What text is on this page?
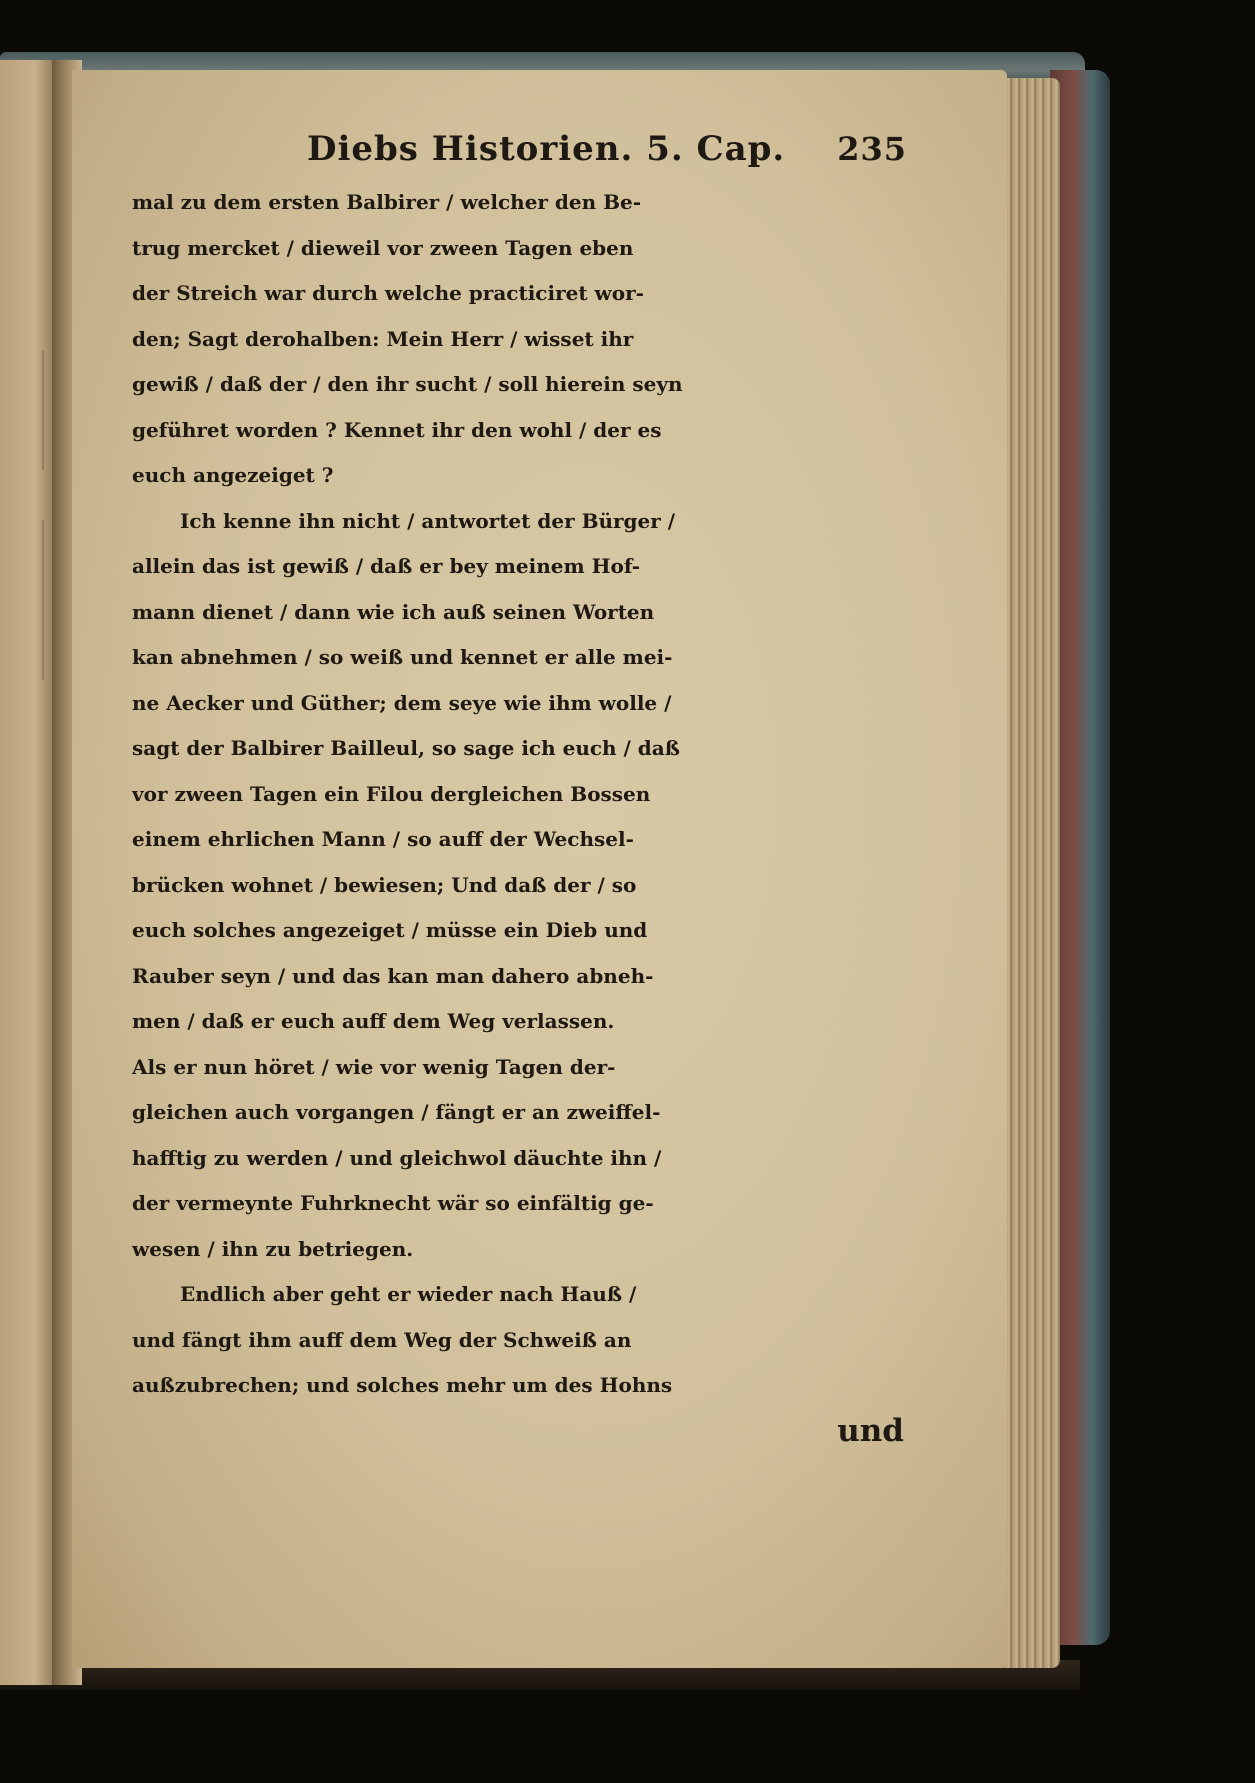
Diebs Historien. 5. Cap. 235
mal zu dem ersten Balbirer / welcher den Be-
trug mercket / dieweil vor zween Tagen eben
der Streich war durch welche practiciret wor-
den; Sagt derohalben: Mein Herr / wisset ihr
gewiß / daß der / den ihr sucht / soll hierein seyn
geführet worden ? Kennet ihr den wohl / der es
euch angezeiget ?
Ich kenne ihn nicht / antwortet der Bürger /
allein das ist gewiß / daß er bey meinem Hof-
mann dienet / dann wie ich auß seinen Worten
kan abnehmen / so weiß und kennet er alle mei-
ne Aecker und Güther; dem seye wie ihm wolle /
sagt der Balbirer Bailleul, so sage ich euch / daß
vor zween Tagen ein Filou dergleichen Bossen
einem ehrlichen Mann / so auff der Wechsel-
brücken wohnet / bewiesen; Und daß der / so
euch solches angezeiget / müsse ein Dieb und
Rauber seyn / und das kan man dahero abneh-
men / daß er euch auff dem Weg verlassen.
Als er nun höret / wie vor wenig Tagen der-
gleichen auch vorgangen / fängt er an zweiffel-
hafftig zu werden / und gleichwol däuchte ihn /
der vermeynte Fuhrknecht wär so einfältig ge-
wesen / ihn zu betriegen.
Endlich aber geht er wieder nach Hauß /
und fängt ihm auff dem Weg der Schweiß an
außzubrechen; und solches mehr um des Hohns
und
